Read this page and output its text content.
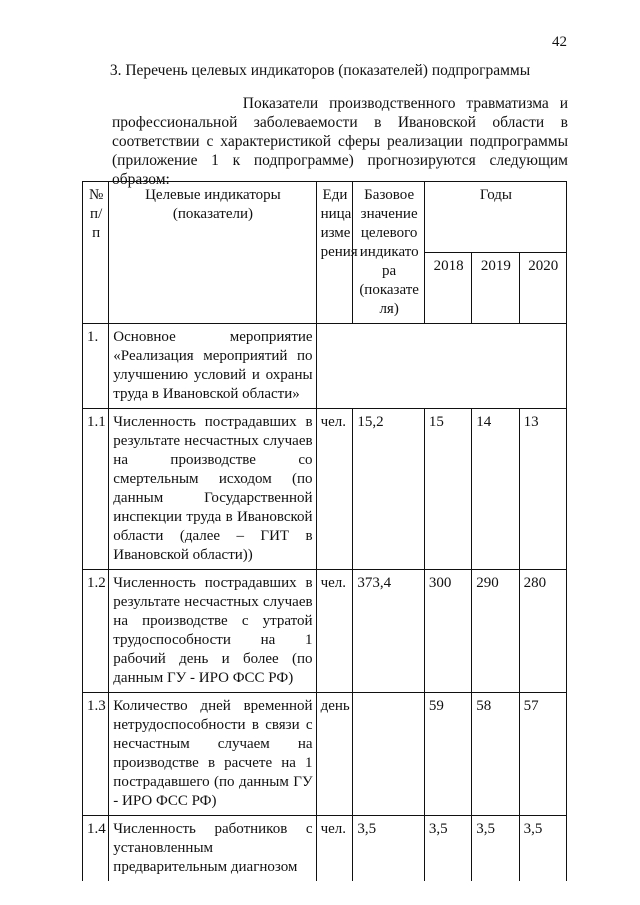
42
3. Перечень целевых индикаторов (показателей) подпрограммы
Показатели производственного травматизма и профессиональной заболеваемости в Ивановской области в соответствии с характеристикой сферы реализации подпрограммы (приложение 1 к подпрограмме) прогнозируются следующим образом:
№ п/п	Целевые индикаторы (показатели)	Еди ница изме рения	Базовое значение целевого индикато ра (показате ля)	Годы		
				2018	2019	2020
1.	Основное мероприятие «Реализация мероприятий по улучшению условий и охраны труда в Ивановской области»					
1.1	Численность пострадавших в результате несчастных случаев на производстве со смертельным исходом (по данным Государственной инспекции труда в Ивановской области (далее – ГИТ в Ивановской области))	чел.	15,2	15	14	13
1.2	Численность пострадавших в результате несчастных случаев на производстве с утратой трудоспособности на 1 рабочий день и более (по данным ГУ - ИРО ФСС РФ)	чел.	373,4	300	290	280
1.3	Количество дней временной нетрудоспособности в связи с несчастным случаем на производстве в расчете на 1 пострадавшего (по данным ГУ - ИРО ФСС РФ)	день		59	58	57
1.4	Численность работников с установленным предварительным диагнозом	чел.	3,5	3,5	3,5	3,5
